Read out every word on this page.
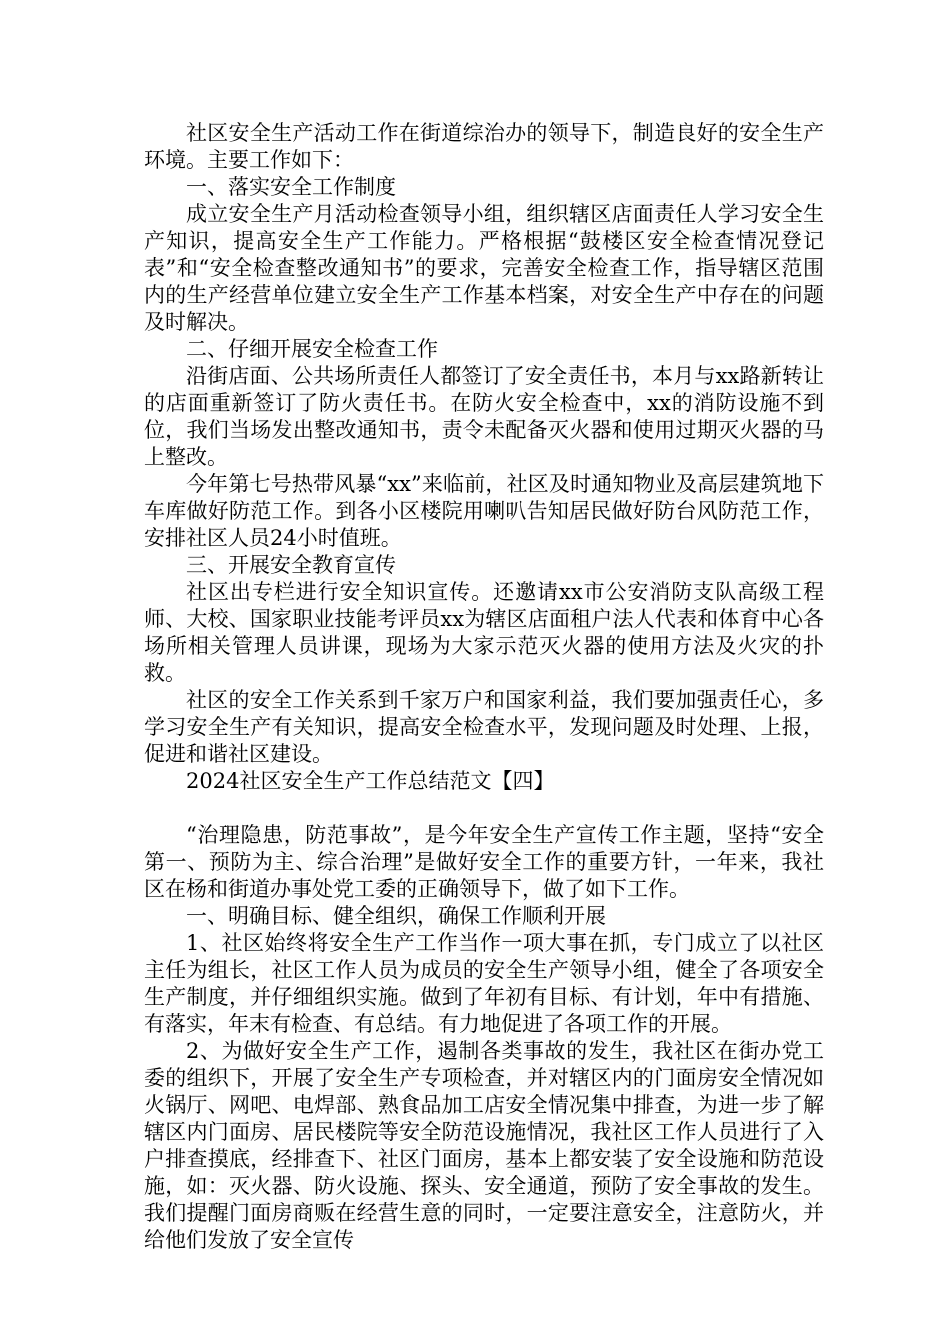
社区安全生产活动工作在街道综治办的领导下，制造良好的安全生产环境。主要工作如下：

一、落实安全工作制度

成立安全生产月活动检查领导小组，组织辖区店面责任人学习安全生产知识，提高安全生产工作能力。严格根据“鼓楼区安全检查情况登记表”和“安全检查整改通知书”的要求，完善安全检查工作，指导辖区范围内的生产经营单位建立安全生产工作基本档案，对安全生产中存在的问题及时解决。

二、仔细开展安全检查工作

沿街店面、公共场所责任人都签订了安全责任书，本月与xx路新转让的店面重新签订了防火责任书。在防火安全检查中，xx的消防设施不到位，我们当场发出整改通知书，责令未配备灭火器和使用过期灭火器的马上整改。

今年第七号热带风暴“xx”来临前，社区及时通知物业及高层建筑地下车库做好防范工作。到各小区楼院用喇叭告知居民做好防台风防范工作，安排社区人员24小时值班。

三、开展安全教育宣传

社区出专栏进行安全知识宣传。还邀请xx市公安消防支队高级工程师、大校、国家职业技能考评员xx为辖区店面租户法人代表和体育中心各场所相关管理人员讲课，现场为大家示范灭火器的使用方法及火灾的扑救。

社区的安全工作关系到千家万户和国家利益，我们要加强责任心，多学习安全生产有关知识，提高安全检查水平，发现问题及时处理、上报，促进和谐社区建设。

2024社区安全生产工作总结范文【四】

“治理隐患，防范事故”，是今年安全生产宣传工作主题，坚持“安全第一、预防为主、综合治理”是做好安全工作的重要方针，一年来，我社区在杨和街道办事处党工委的正确领导下，做了如下工作。

一、明确目标、健全组织，确保工作顺利开展

1、社区始终将安全生产工作当作一项大事在抓，专门成立了以社区主任为组长，社区工作人员为成员的安全生产领导小组，健全了各项安全生产制度，并仔细组织实施。做到了年初有目标、有计划，年中有措施、有落实，年末有检查、有总结。有力地促进了各项工作的开展。

2、为做好安全生产工作，遏制各类事故的发生，我社区在街办党工委的组织下，开展了安全生产专项检查，并对辖区内的门面房安全情况如火锅厅、网吧、电焊部、熟食品加工店安全情况集中排查，为进一步了解辖区内门面房、居民楼院等安全防范设施情况，我社区工作人员进行了入户排查摸底，经排查下、社区门面房，基本上都安装了安全设施和防范设施，如：灭火器、防火设施、探头、安全通道，预防了安全事故的发生。我们提醒门面房商贩在经营生意的同时，一定要注意安全，注意防火，并给他们发放了安全宣传
